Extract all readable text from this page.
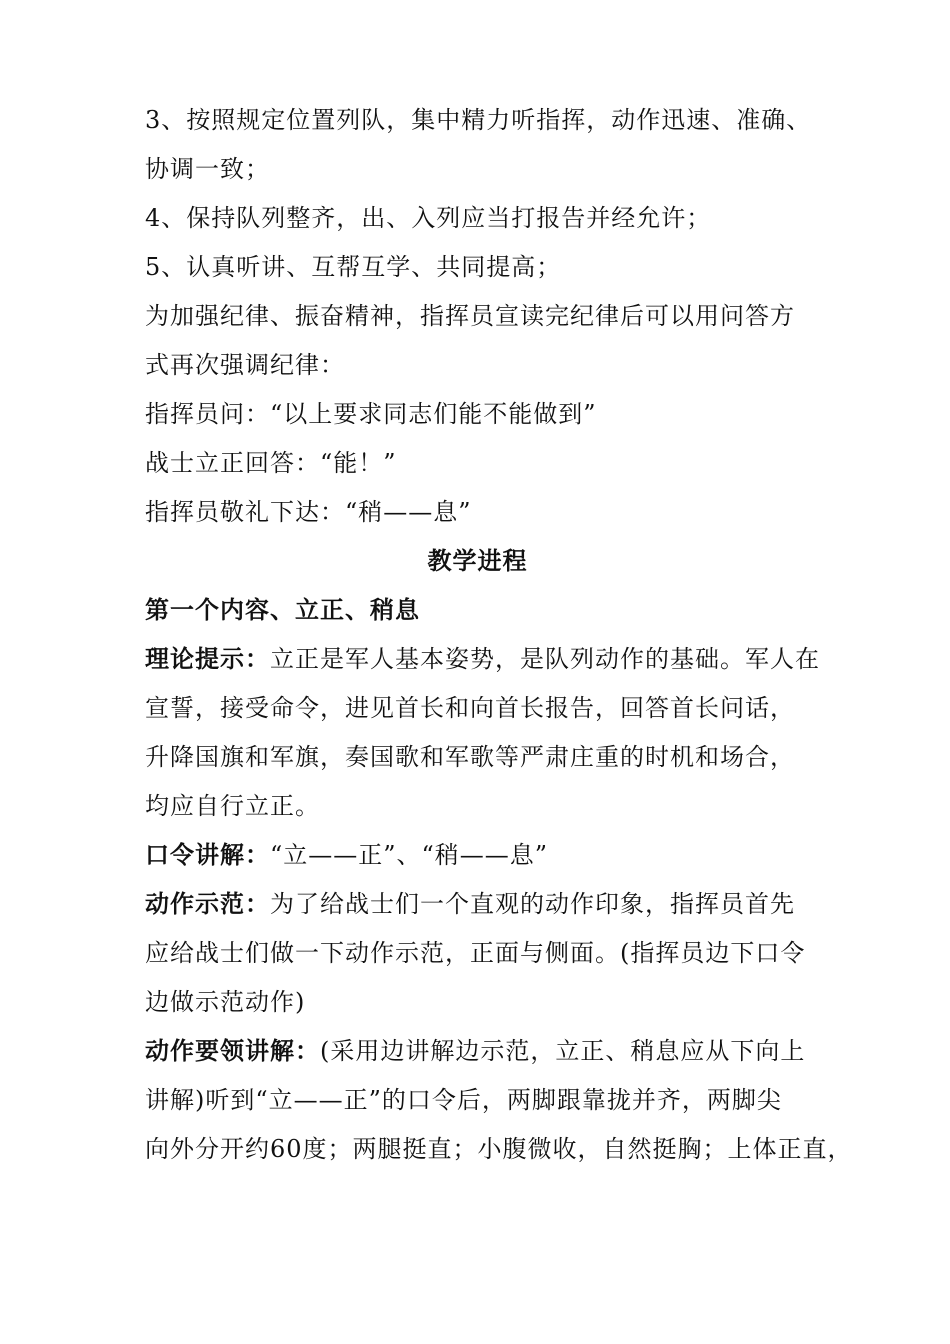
3、按照规定位置列队，集中精力听指挥，动作迅速、准确、
协调一致；
4、保持队列整齐，出、入列应当打报告并经允许；
5、认真听讲、互帮互学、共同提高；
为加强纪律、振奋精神，指挥员宣读完纪律后可以用问答方
式再次强调纪律：
指挥员问：“以上要求同志们能不能做到”
战士立正回答：“能！”
指挥员敬礼下达：“稍——息”
教学进程
第一个内容、立正、稍息
理论提示：立正是军人基本姿势，是队列动作的基础。军人在
宣誓，接受命令，进见首长和向首长报告，回答首长问话，
升降国旗和军旗，奏国歌和军歌等严肃庄重的时机和场合，
均应自行立正。
口令讲解：“立——正”、“稍——息”
动作示范：为了给战士们一个直观的动作印象，指挥员首先
应给战士们做一下动作示范，正面与侧面。(指挥员边下口令
边做示范动作)
动作要领讲解：(采用边讲解边示范，立正、稍息应从下向上
讲解)听到“立——正”的口令后，两脚跟靠拢并齐，两脚尖
向外分开约60度；两腿挺直；小腹微收，自然挺胸；上体正直，
